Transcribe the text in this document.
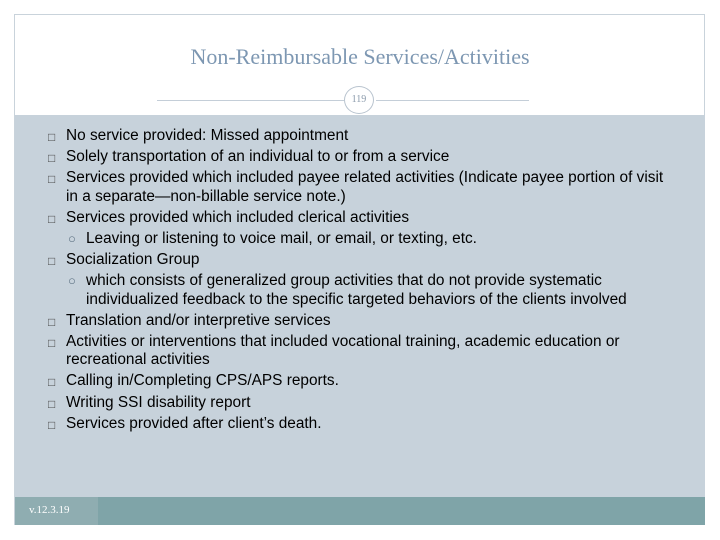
Non-Reimbursable Services/Activities
119
□ No service provided: Missed appointment
□ Solely transportation of an individual to or from a service
□ Services provided which included payee related activities (Indicate payee portion of visit in a separate—non-billable service note.)
□ Services provided which included clerical activities
○ Leaving or listening to voice mail, or email, or texting, etc.
□ Socialization Group
○ which consists of generalized group activities that do not provide systematic individualized feedback to the specific targeted behaviors of the clients involved
□ Translation and/or interpretive services
□ Activities or interventions that included vocational training, academic education or recreational activities
□ Calling in/Completing CPS/APS reports.
□ Writing SSI disability report
□ Services provided after client’s death.
v.12.3.19
